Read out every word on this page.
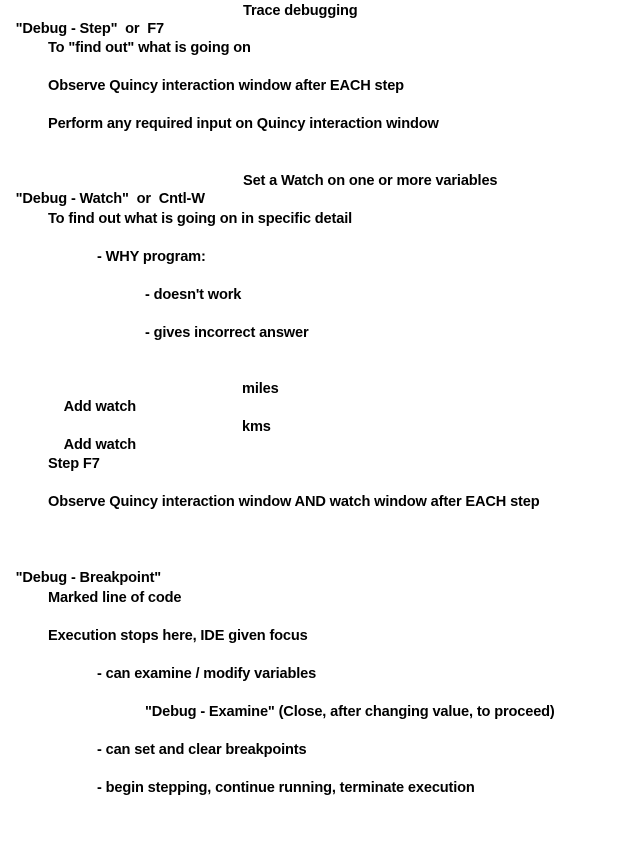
"Debug - Step"  or  F7

Trace debugging

To "find out" what is going on
Observe Quincy interaction window after EACH step
Perform any required input on Quincy interaction window

"Debug - Watch"  or  Cntl-W

Set a Watch on one or more variables

To find out what is going on in specific detail
- WHY program:
- doesn't work
- gives incorrect answer

Add watch

miles

Add watch

kms

Step F7
Observe Quincy interaction window AND watch window after EACH step

"Debug - Breakpoint"

Marked line of code
Execution stops here, IDE given focus
- can examine / modify variables
"Debug - Examine" (Close, after changing value, to proceed)
- can set and clear breakpoints
- begin stepping, continue running, terminate execution
